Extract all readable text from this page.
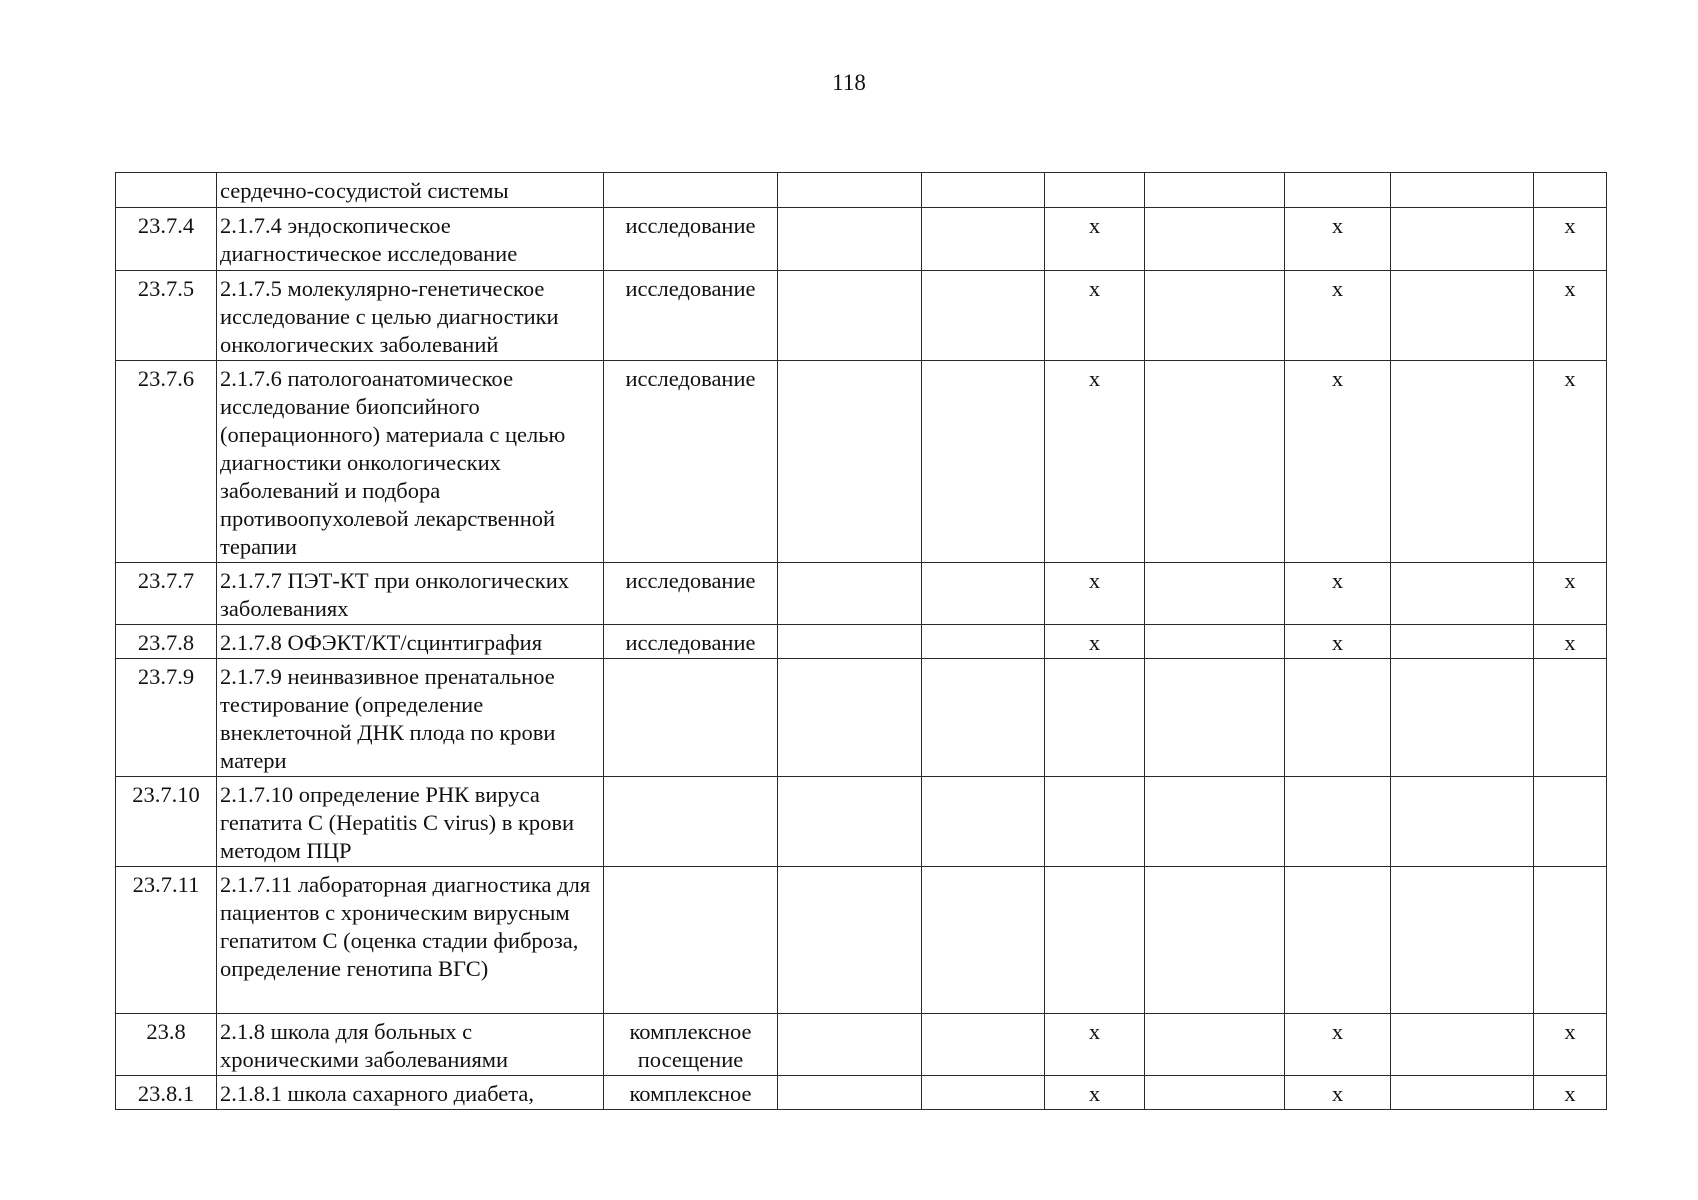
118
	сердечно-сосудистой системы								
23.7.4	2.1.7.4 эндоскопическое диагностическое исследование	исследование			х		х		х
23.7.5	2.1.7.5 молекулярно-генетическое исследование с целью диагностики онкологических заболеваний	исследование			х		х		х
23.7.6	2.1.7.6 патологоанатомическое исследование биопсийного (операционного) материала с целью диагностики онкологических заболеваний и подбора противоопухолевой лекарственной терапии	исследование			х		х		х
23.7.7	2.1.7.7 ПЭТ-КТ при онкологических заболеваниях	исследование			х		х		х
23.7.8	2.1.7.8 ОФЭКТ/КТ/сцинтиграфия	исследование			х		х		х
23.7.9	2.1.7.9 неинвазивное пренатальное тестирование (определение внеклеточной ДНК плода по крови матери								
23.7.10	2.1.7.10 определение РНК вируса гепатита С (Hepatitis C virus) в крови методом ПЦР								
23.7.11	2.1.7.11 лабораторная диагностика для пациентов с хроническим вирусным гепатитом С (оценка стадии фиброза, определение генотипа ВГС)								
23.8	2.1.8 школа для больных с хроническими заболеваниями	комплексное посещение			х		х		х
23.8.1	2.1.8.1 школа сахарного диабета,	комплексное			х		х		х
